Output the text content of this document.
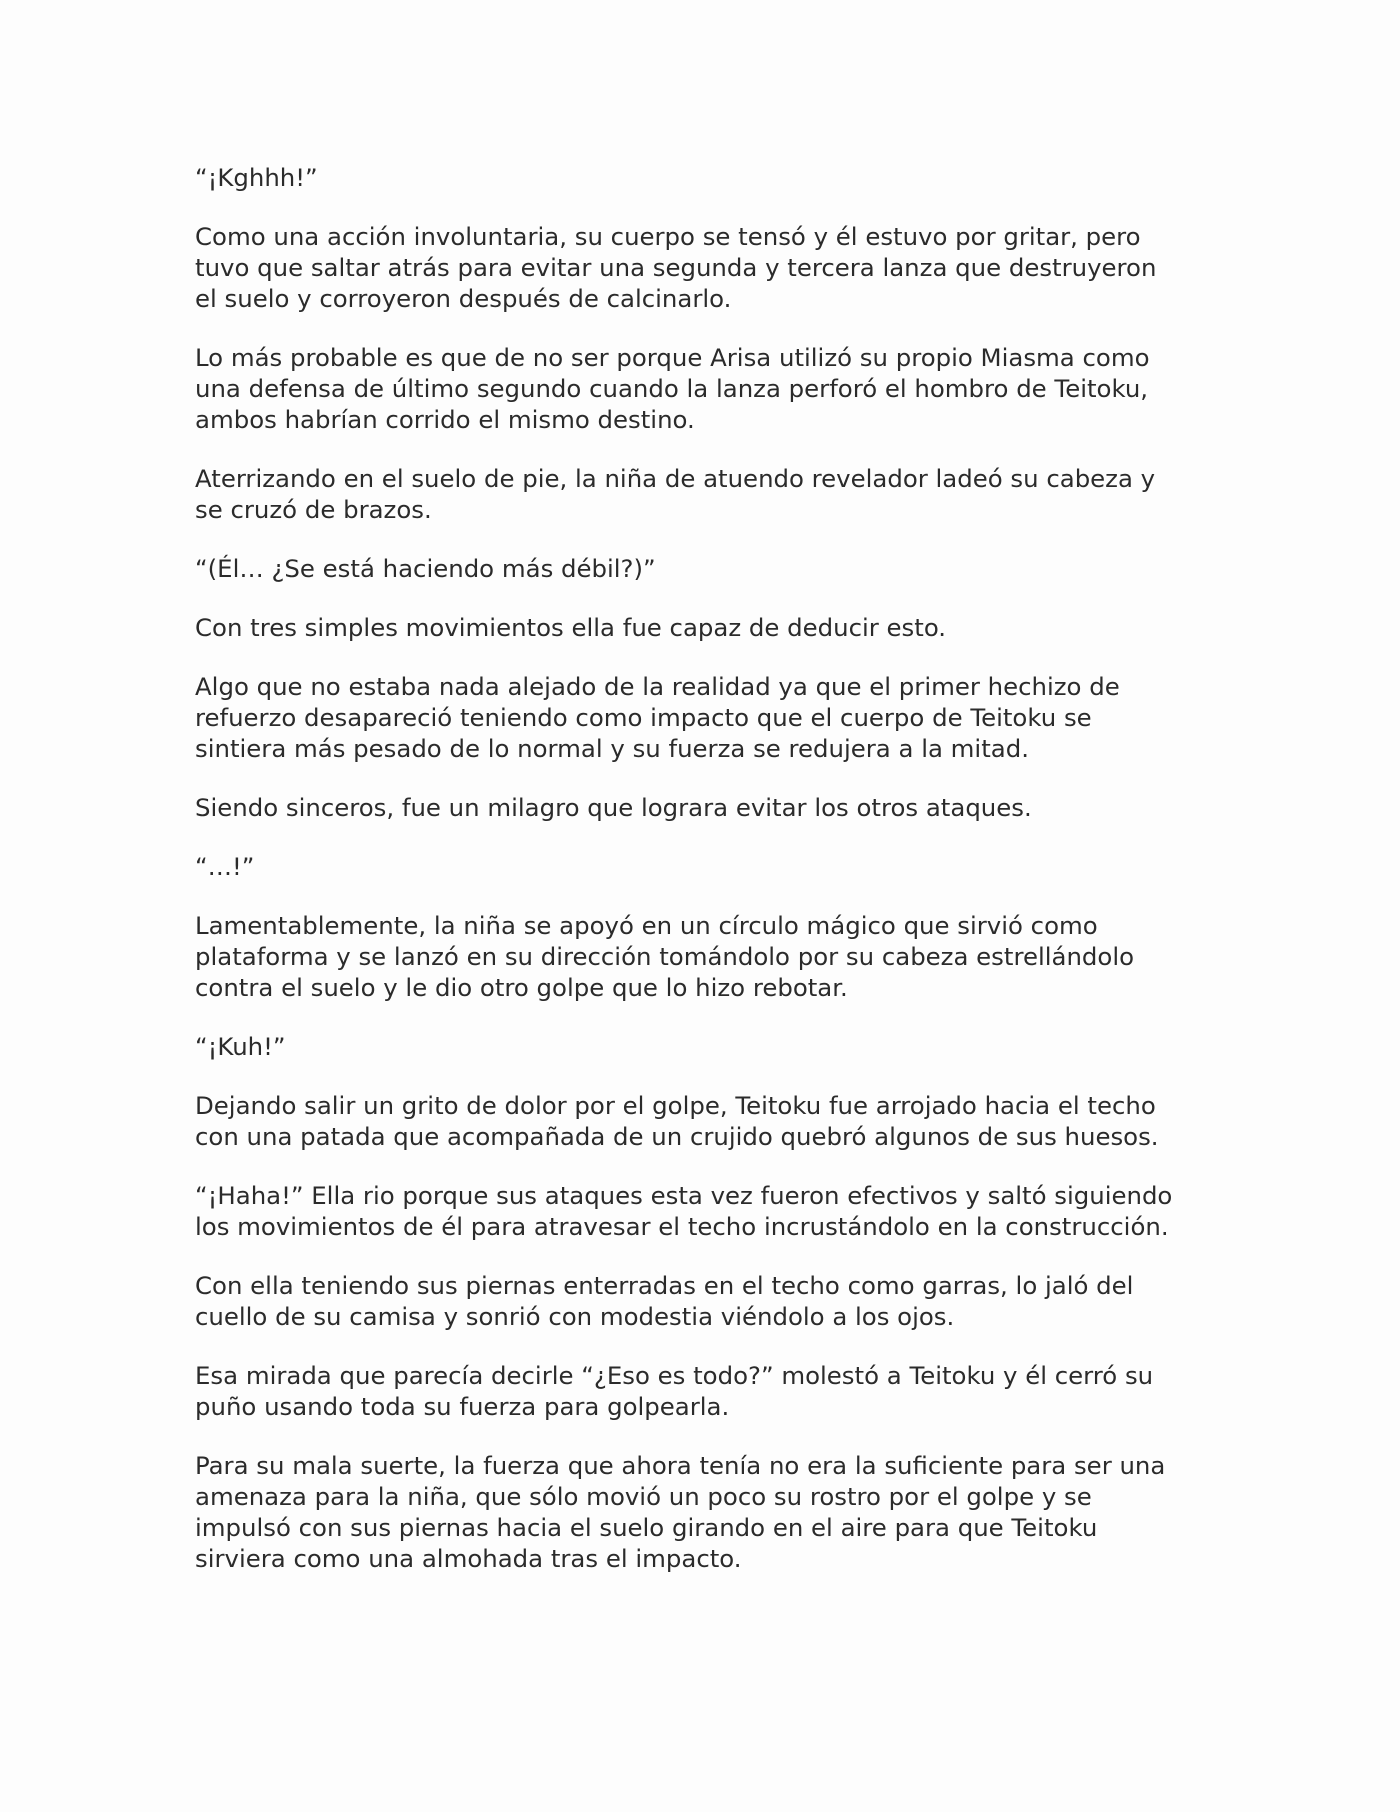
“¡Kghhh!”

Como una acción involuntaria, su cuerpo se tensó y él estuvo por gritar, pero
tuvo que saltar atrás para evitar una segunda y tercera lanza que destruyeron
el suelo y corroyeron después de calcinarlo.

Lo más probable es que de no ser porque Arisa utilizó su propio Miasma como
una defensa de último segundo cuando la lanza perforó el hombro de Teitoku,
ambos habrían corrido el mismo destino.

Aterrizando en el suelo de pie, la niña de atuendo revelador ladeó su cabeza y
se cruzó de brazos.

“(Él… ¿Se está haciendo más débil?)”

Con tres simples movimientos ella fue capaz de deducir esto.

Algo que no estaba nada alejado de la realidad ya que el primer hechizo de
refuerzo desapareció teniendo como impacto que el cuerpo de Teitoku se
sintiera más pesado de lo normal y su fuerza se redujera a la mitad.

Siendo sinceros, fue un milagro que lograra evitar los otros ataques.

“…!”

Lamentablemente, la niña se apoyó en un círculo mágico que sirvió como
plataforma y se lanzó en su dirección tomándolo por su cabeza estrellándolo
contra el suelo y le dio otro golpe que lo hizo rebotar.

“¡Kuh!”

Dejando salir un grito de dolor por el golpe, Teitoku fue arrojado hacia el techo
con una patada que acompañada de un crujido quebró algunos de sus huesos.

“¡Haha!” Ella rio porque sus ataques esta vez fueron efectivos y saltó siguiendo
los movimientos de él para atravesar el techo incrustándolo en la construcción.

Con ella teniendo sus piernas enterradas en el techo como garras, lo jaló del
cuello de su camisa y sonrió con modestia viéndolo a los ojos.

Esa mirada que parecía decirle “¿Eso es todo?” molestó a Teitoku y él cerró su
puño usando toda su fuerza para golpearla.

Para su mala suerte, la fuerza que ahora tenía no era la suficiente para ser una
amenaza para la niña, que sólo movió un poco su rostro por el golpe y se
impulsó con sus piernas hacia el suelo girando en el aire para que Teitoku
sirviera como una almohada tras el impacto.
